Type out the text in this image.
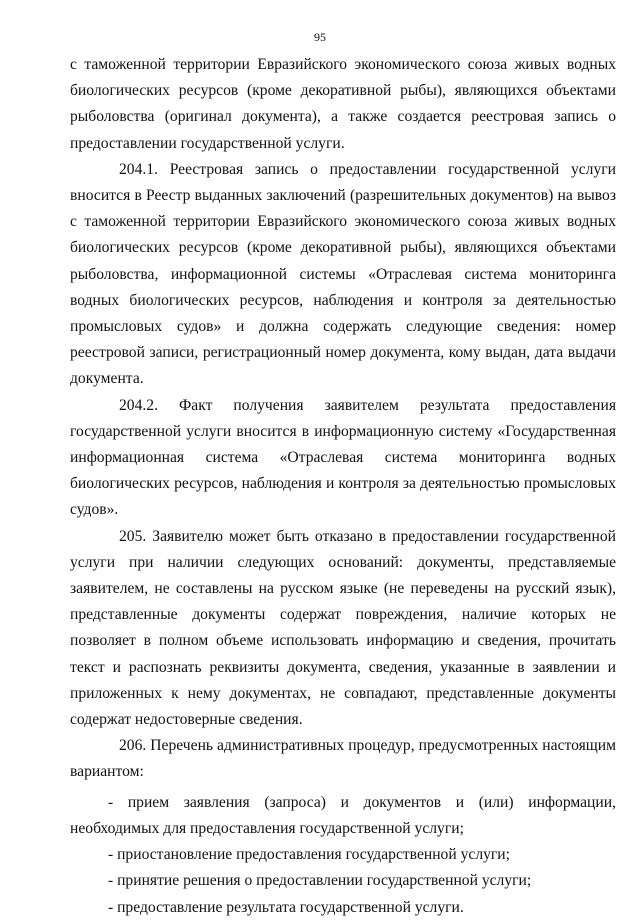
95

с таможенной территории Евразийского экономического союза живых водных биологических ресурсов (кроме декоративной рыбы), являющихся объектами рыболовства (оригинал документа), а также создается реестровая запись о предоставлении государственной услуги.

204.1. Реестровая запись о предоставлении государственной услуги вносится в Реестр выданных заключений (разрешительных документов) на вывоз с таможенной территории Евразийского экономического союза живых водных биологических ресурсов (кроме декоративной рыбы), являющихся объектами рыболовства, информационной системы «Отраслевая система мониторинга водных биологических ресурсов, наблюдения и контроля за деятельностью промысловых судов» и должна содержать следующие сведения: номер реестровой записи, регистрационный номер документа, кому выдан, дата выдачи документа.

204.2. Факт получения заявителем результата предоставления государственной услуги вносится в информационную систему «Государственная информационная система «Отраслевая система мониторинга водных биологических ресурсов, наблюдения и контроля за деятельностью промысловых судов».

205. Заявителю может быть отказано в предоставлении государственной услуги при наличии следующих оснований: документы, представляемые заявителем, не составлены на русском языке (не переведены на русский язык), представленные документы содержат повреждения, наличие которых не позволяет в полном объеме использовать информацию и сведения, прочитать текст и распознать реквизиты документа, сведения, указанные в заявлении и приложенных к нему документах, не совпадают, представленные документы содержат недостоверные сведения.

206. Перечень административных процедур, предусмотренных настоящим вариантом:

- прием заявления (запроса) и документов и (или) информации, необходимых для предоставления государственной услуги;

- приостановление предоставления государственной услуги;

- принятие решения о предоставлении государственной услуги;

- предоставление результата государственной услуги.
